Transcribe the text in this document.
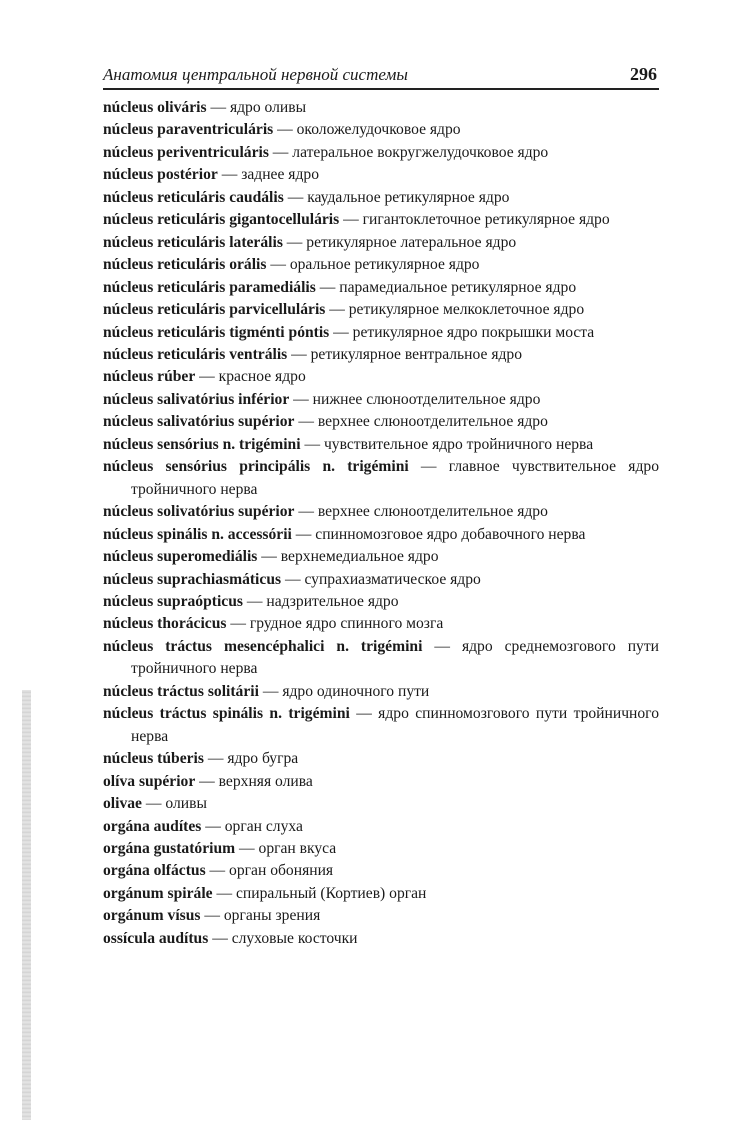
Анатомия центральной нервной системы	296
núcleus oliváris — ядро оливы
núcleus paraventriculáris — околожелудочковое ядро
núcleus periventriculáris — латеральное вокругжелудочковое ядро
núcleus postérior — заднее ядро
núcleus reticuláris caudális — каудальное ретикулярное ядро
núcleus reticuláris gigantocelluláris — гигантоклеточное ретикулярное ядро
núcleus reticuláris laterális — ретикулярное латеральное ядро
núcleus reticuláris orális — оральное ретикулярное ядро
núcleus reticuláris paramediális — парамедиальное ретикулярное ядро
núcleus reticuláris parvicelluláris — ретикулярное мелкоклеточное ядро
núcleus reticuláris tigménti póntis — ретикулярное ядро покрышки моста
núcleus reticuláris ventrális — ретикулярное вентральное ядро
núcleus rúber — красное ядро
núcleus salivatórius inférior — нижнее слюноотделительное ядро
núcleus salivatórius supérior — верхнее слюноотделительное ядро
núcleus sensórius n. trigémini — чувствительное ядро тройничного нерва
núcleus sensórius principális n. trigémini — главное чувствительное ядро тройничного нерва
núcleus solivatórius supérior — верхнее слюноотделительное ядро
núcleus spinális n. accessórii — спинномозговое ядро добавочного нерва
núcleus superomediális — верхнемедиальное ядро
núcleus suprachiasmáticus — супрахиазматическое ядро
núcleus supraópticus — надзрительное ядро
núcleus thorácicus — грудное ядро спинного мозга
núcleus tráctus mesencéphalici n. trigémini — ядро среднемозгового пути тройничного нерва
núcleus tráctus solitárii — ядро одиночного пути
núcleus tráctus spinális n. trigémini — ядро спинномозгового пути тройничного нерва
núcleus túberis — ядро бугра
olíva supérior — верхняя олива
olivae — оливы
orgána audítes — орган слуха
orgána gustatórium — орган вкуса
orgána olfáctus — орган обоняния
orgánum spirále — спиральный (Кортиев) орган
orgánum vísus — органы зрения
ossícula audítus — слуховые косточки
